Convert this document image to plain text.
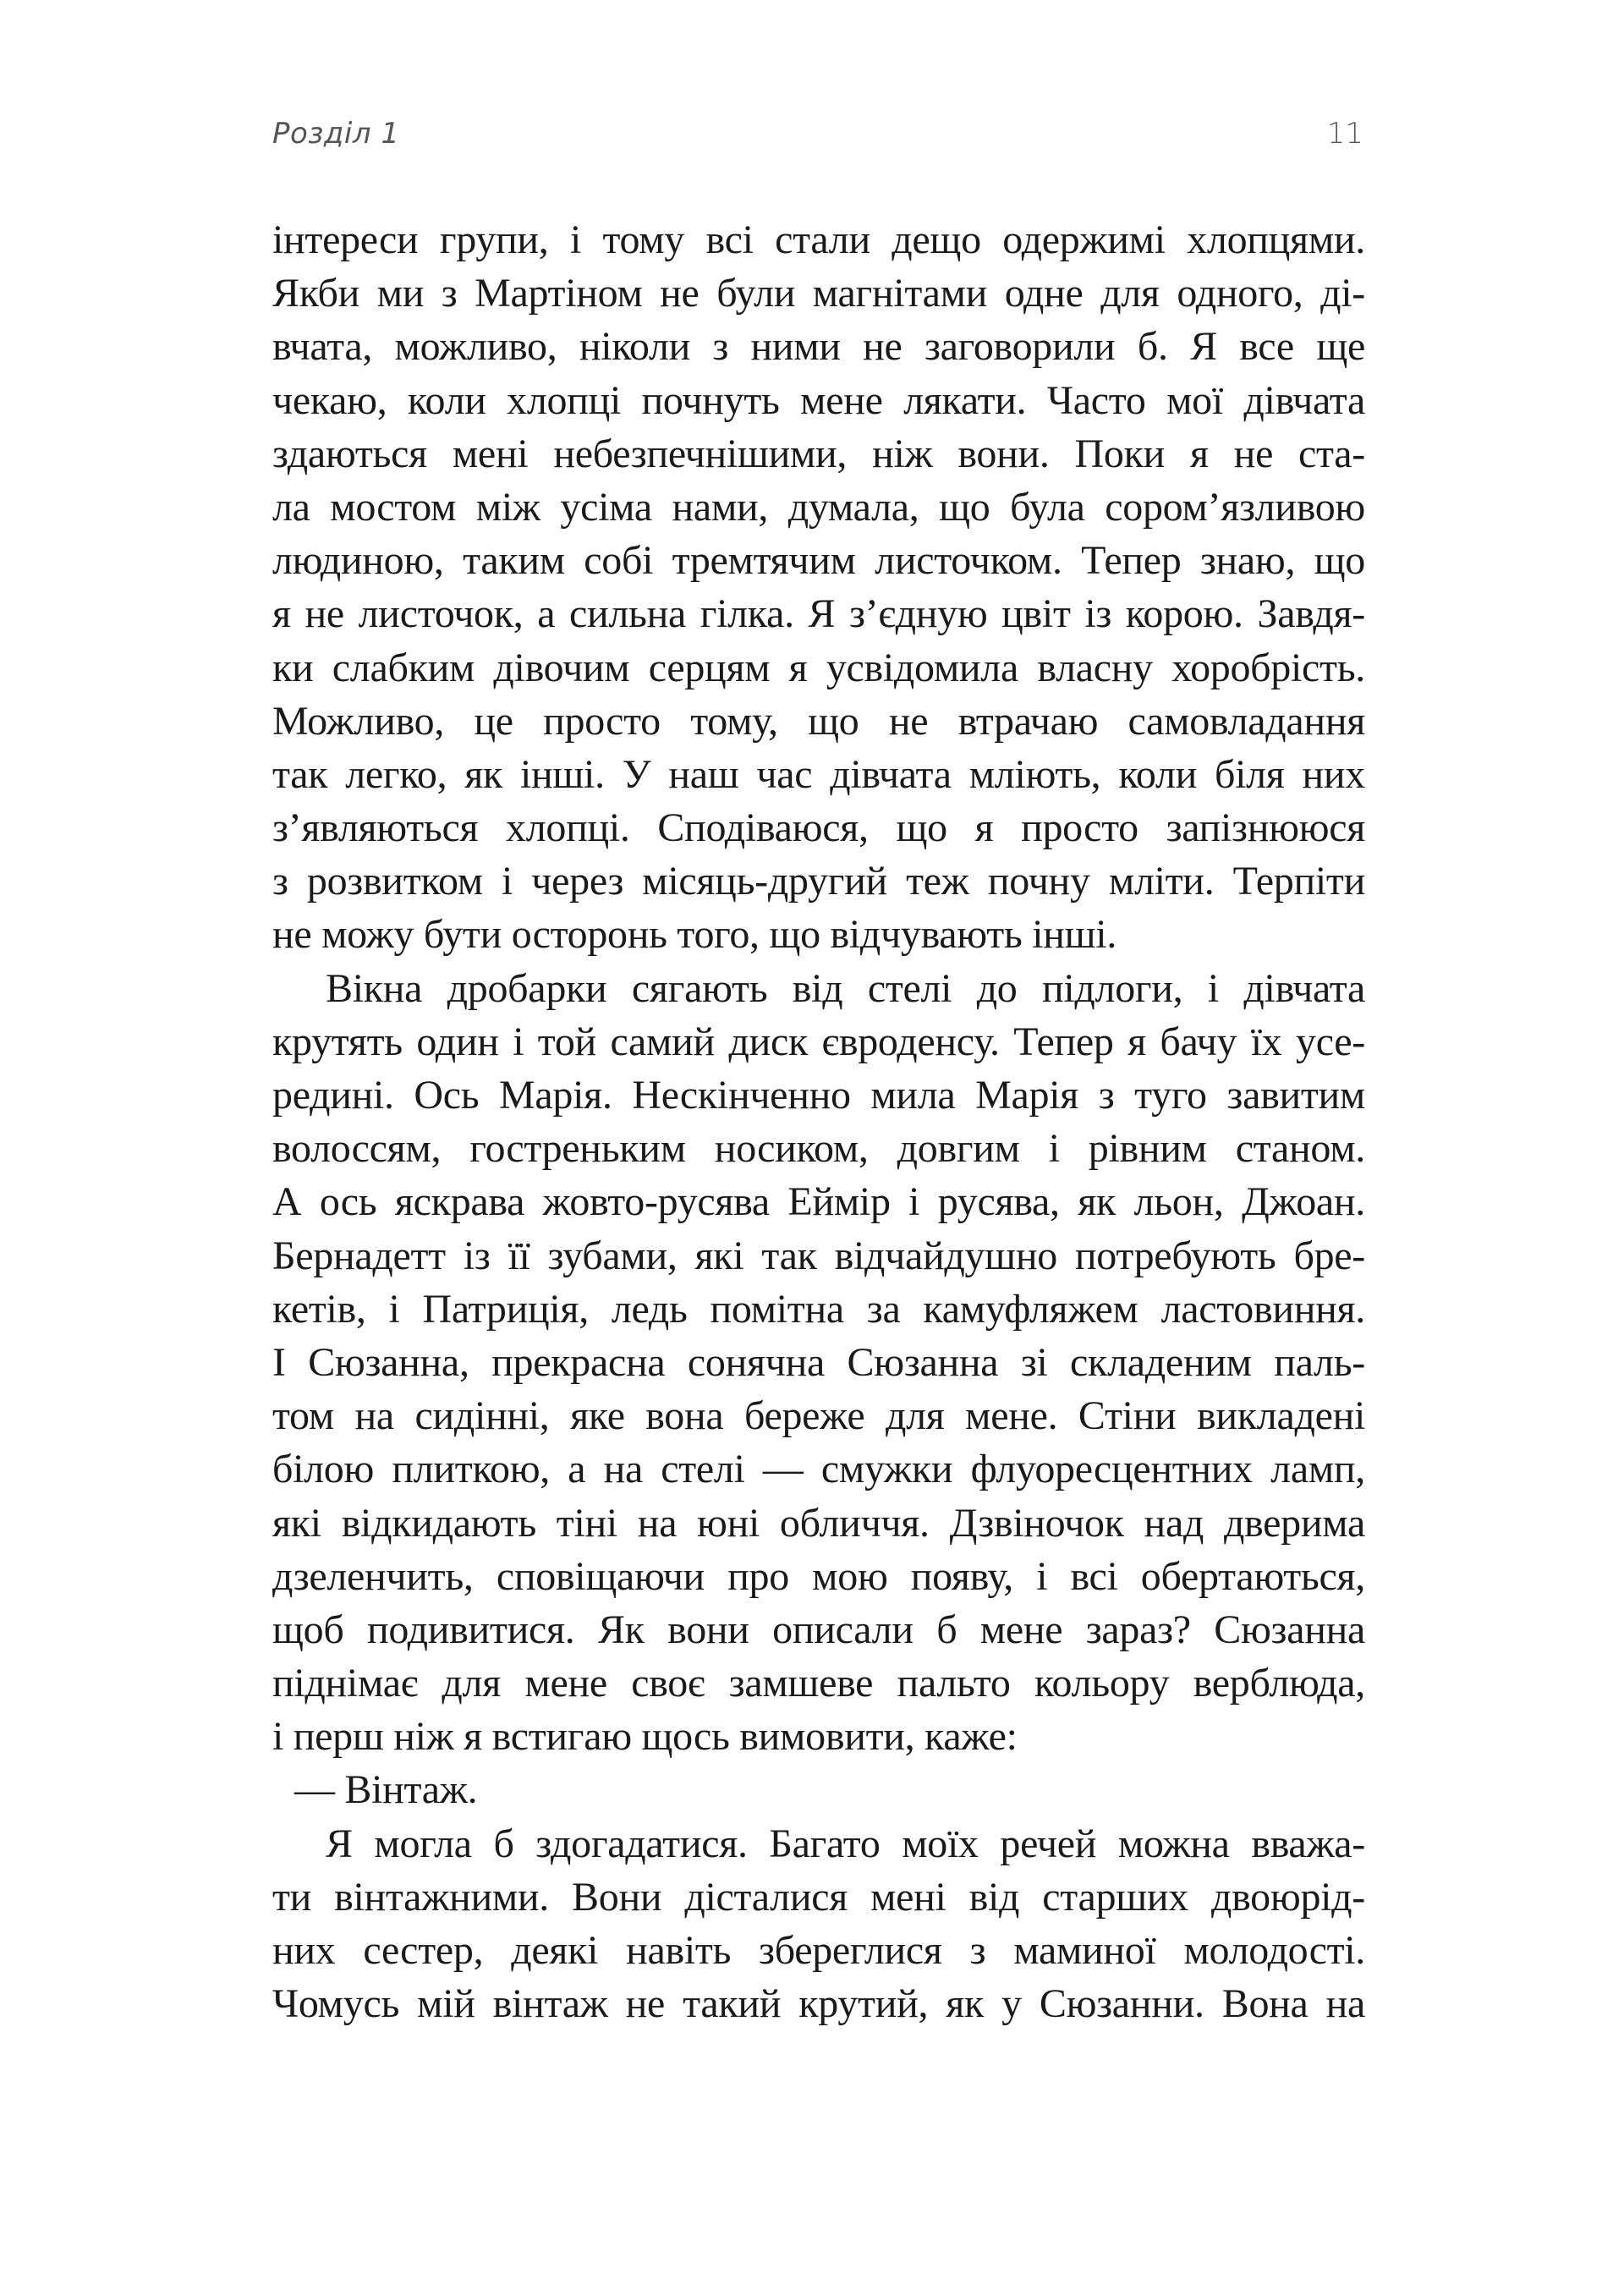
Розділ 1	11
інтереси групи, і тому всі стали дещо одержимі хлопцями.
Якби ми з Мартіном не були магнітами одне для одного, ді-
вчата, можливо, ніколи з ними не заговорили б. Я все ще
чекаю, коли хлопці почнуть мене лякати. Часто мої дівчата
здаються мені небезпечнішими, ніж вони. Поки я не ста-
ла мостом між усіма нами, думала, що була сором’язливою
людиною, таким собі тремтячим листочком. Тепер знаю, що
я не листочок, а сильна гілка. Я з’єдную цвіт із корою. Завдя-
ки слабким дівочим серцям я усвідомила власну хоробрість.
Можливо, це просто тому, що не втрачаю самовладання
так легко, як інші. У наш час дівчата мліють, коли біля них
з’являються хлопці. Сподіваюся, що я просто запізнююся
з розвитком і через місяць-другий теж почну мліти. Терпіти
не можу бути осторонь того, що відчувають інші.
Вікна дробарки сягають від стелі до підлоги, і дівчата
крутять один і той самий диск євроденсу. Тепер я бачу їх усе-
редині. Ось Марія. Нескінченно мила Марія з туго завитим
волоссям, гостреньким носиком, довгим і рівним станом.
А ось яскрава жовто-русява Еймір і русява, як льон, Джоан.
Бернадетт із її зубами, які так відчайдушно потребують бре-
кетів, і Патриція, ледь помітна за камуфляжем ластовиння.
І Сюзанна, прекрасна сонячна Сюзанна зі складеним паль-
том на сидінні, яке вона береже для мене. Стіни викладені
білою плиткою, а на стелі — смужки флуоресцентних ламп,
які відкидають тіні на юні обличчя. Дзвіночок над дверима
дзеленчить, сповіщаючи про мою появу, і всі обертаються,
щоб подивитися. Як вони описали б мене зараз? Сюзанна
піднімає для мене своє замшеве пальто кольору верблюда,
і перш ніж я встигаю щось вимовити, каже:
— Вінтаж.
Я могла б здогадатися. Багато моїх речей можна вважа-
ти вінтажними. Вони дісталися мені від старших двоюрід-
них сестер, деякі навіть збереглися з маминої молодості.
Чомусь мій вінтаж не такий крутий, як у Сюзанни. Вона на
